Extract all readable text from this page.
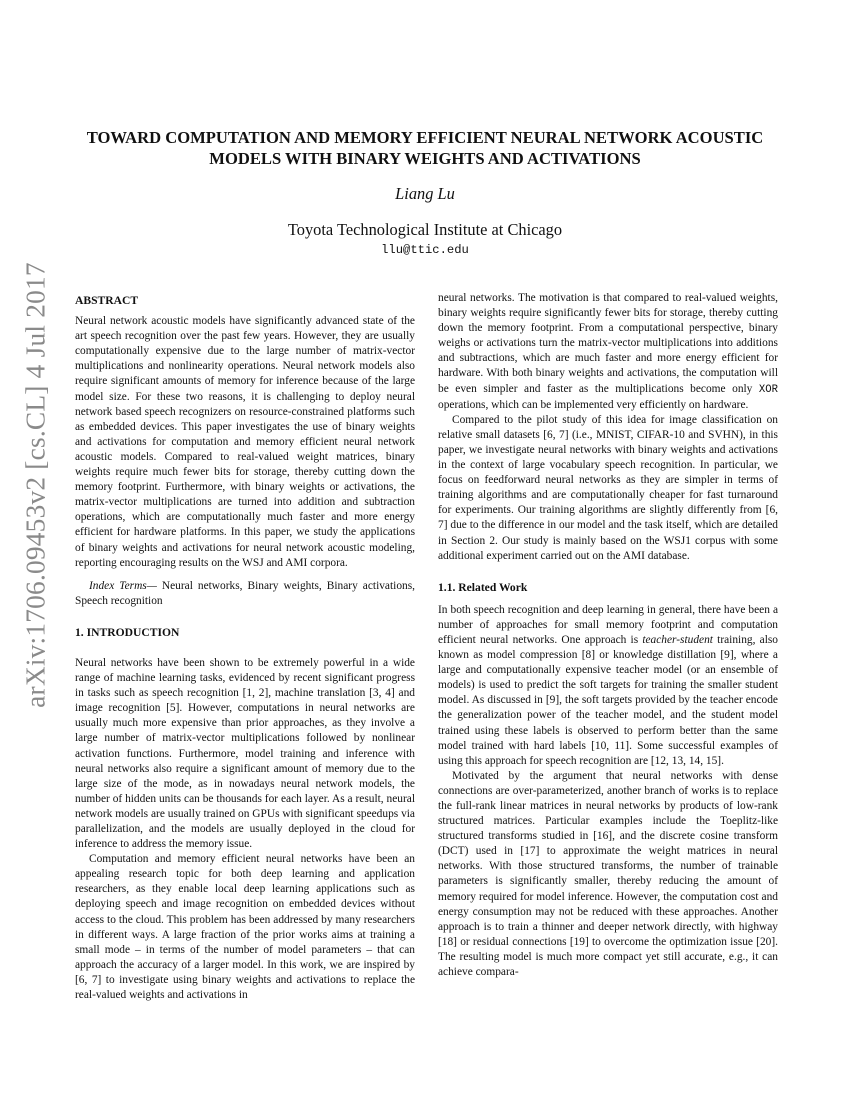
arXiv:1706.09453v2 [cs.CL] 4 Jul 2017
TOWARD COMPUTATION AND MEMORY EFFICIENT NEURAL NETWORK ACOUSTIC
MODELS WITH BINARY WEIGHTS AND ACTIVATIONS
Liang Lu
Toyota Technological Institute at Chicago
llu@ttic.edu

ABSTRACT

Neural network acoustic models have significantly advanced state of the art speech recognition over the past few years. However, they are usually computationally expensive due to the large number of matrix-vector multiplications and nonlinearity operations. Neural network models also require significant amounts of memory for inference because of the large model size. For these two reasons, it is challenging to deploy neural network based speech recognizers on resource-constrained platforms such as embedded devices. This paper investigates the use of binary weights and activations for computation and memory efficient neural network acoustic models. Compared to real-valued weight matrices, binary weights require much fewer bits for storage, thereby cutting down the memory footprint. Furthermore, with binary weights or activations, the matrix-vector multiplications are turned into addition and subtraction operations, which are computationally much faster and more energy efficient for hardware platforms. In this paper, we study the applications of binary weights and activations for neural network acoustic modeling, reporting encouraging results on the WSJ and AMI corpora.

Index Terms— Neural networks, Binary weights, Binary activations, Speech recognition

1. INTRODUCTION

Neural networks have been shown to be extremely powerful in a wide range of machine learning tasks, evidenced by recent significant progress in tasks such as speech recognition [1, 2], machine translation [3, 4] and image recognition [5]. However, computations in neural networks are usually much more expensive than prior approaches, as they involve a large number of matrix-vector multiplications followed by nonlinear activation functions. Furthermore, model training and inference with neural networks also require a significant amount of memory due to the large size of the mode, as in nowadays neural network models, the number of hidden units can be thousands for each layer. As a result, neural network models are usually trained on GPUs with significant speedups via parallelization, and the models are usually deployed in the cloud for inference to address the memory issue.

Computation and memory efficient neural networks have been an appealing research topic for both deep learning and application researchers, as they enable local deep learning applications such as deploying speech and image recognition on embedded devices without access to the cloud. This problem has been addressed by many researchers in different ways. A large fraction of the prior works aims at training a small mode – in terms of the number of model parameters – that can approach the accuracy of a larger model. In this work, we are inspired by [6, 7] to investigate using binary weights and activations to replace the real-valued weights and activations in

neural networks. The motivation is that compared to real-valued weights, binary weights require significantly fewer bits for storage, thereby cutting down the memory footprint. From a computational perspective, binary weighs or activations turn the matrix-vector multiplications into additions and subtractions, which are much faster and more energy efficient for hardware. With both binary weights and activations, the computation will be even simpler and faster as the multiplications become only XOR operations, which can be implemented very efficiently on hardware.

Compared to the pilot study of this idea for image classification on relative small datasets [6, 7] (i.e., MNIST, CIFAR-10 and SVHN), in this paper, we investigate neural networks with binary weights and activations in the context of large vocabulary speech recognition. In particular, we focus on feedforward neural networks as they are simpler in terms of training algorithms and are computationally cheaper for fast turnaround for experiments. Our training algorithms are slightly differently from [6, 7] due to the difference in our model and the task itself, which are detailed in Section 2. Our study is mainly based on the WSJ1 corpus with some additional experiment carried out on the AMI database.

1.1. Related Work

In both speech recognition and deep learning in general, there have been a number of approaches for small memory footprint and computation efficient neural networks. One approach is teacher-student training, also known as model compression [8] or knowledge distillation [9], where a large and computationally expensive teacher model (or an ensemble of models) is used to predict the soft targets for training the smaller student model. As discussed in [9], the soft targets provided by the teacher encode the generalization power of the teacher model, and the student model trained using these labels is observed to perform better than the same model trained with hard labels [10, 11]. Some successful examples of using this approach for speech recognition are [12, 13, 14, 15].

Motivated by the argument that neural networks with dense connections are over-parameterized, another branch of works is to replace the full-rank linear matrices in neural networks by products of low-rank structured matrices. Particular examples include the Toeplitz-like structured transforms studied in [16], and the discrete cosine transform (DCT) used in [17] to approximate the weight matrices in neural networks. With those structured transforms, the number of trainable parameters is significantly smaller, thereby reducing the amount of memory required for model inference. However, the computation cost and energy consumption may not be reduced with these approaches. Another approach is to train a thinner and deeper network directly, with highway [18] or residual connections [19] to overcome the optimization issue [20]. The resulting model is much more compact yet still accurate, e.g., it can achieve compara-
